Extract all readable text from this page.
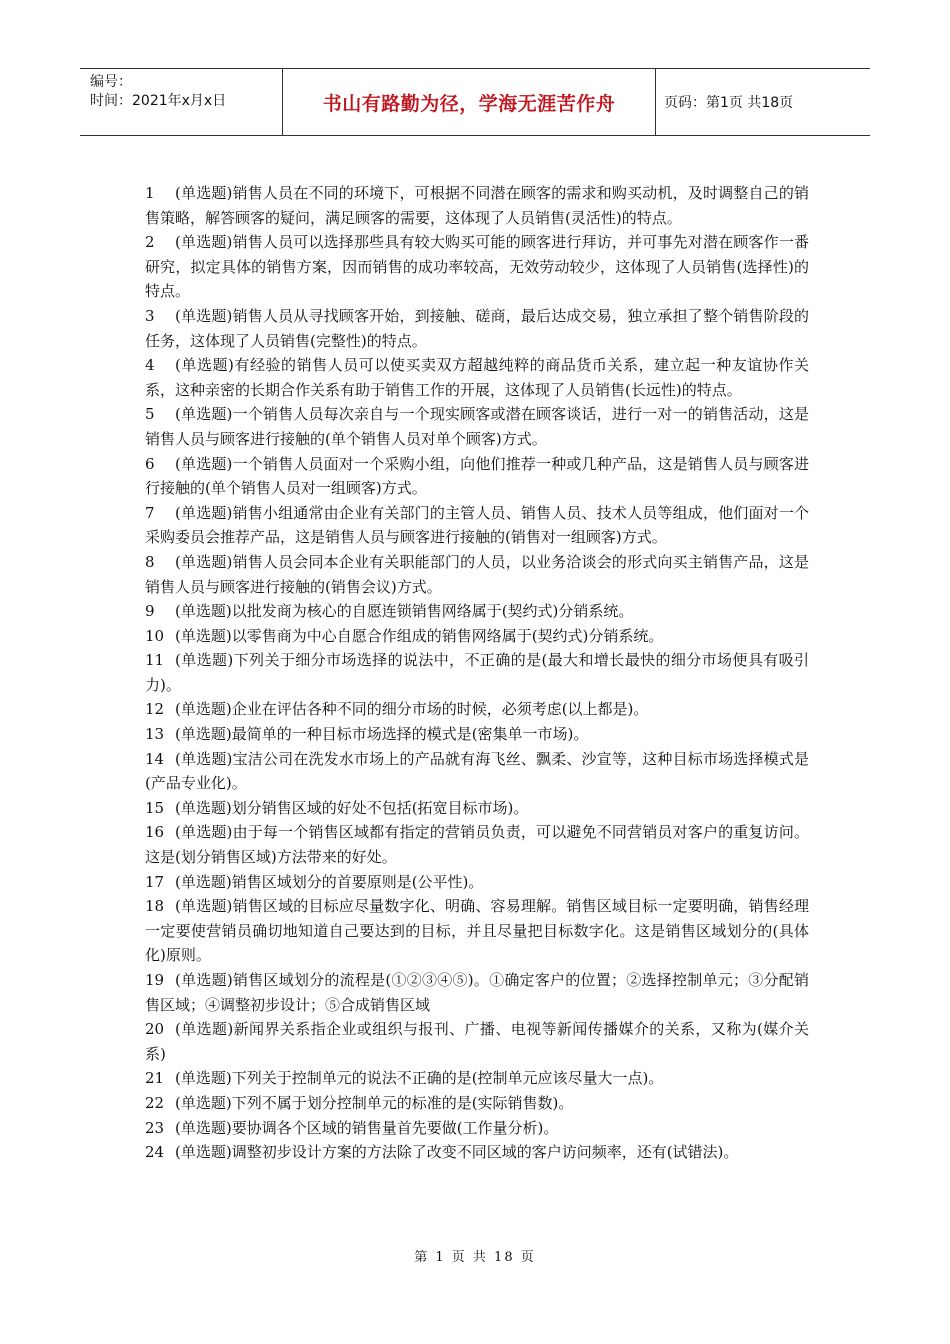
编号：
时间：2021年x月x日	书山有路勤为径，学海无涯苦作舟	页码：第1页 共18页

1 (单选题)销售人员在不同的环境下，可根据不同潜在顾客的需求和购买动机，及时调整自己的销售策略，解答顾客的疑问，满足顾客的需要，这体现了人员销售(灵活性)的特点。

2 (单选题)销售人员可以选择那些具有较大购买可能的顾客进行拜访，并可事先对潜在顾客作一番研究，拟定具体的销售方案，因而销售的成功率较高，无效劳动较少，这体现了人员销售(选择性)的特点。

3 (单选题)销售人员从寻找顾客开始，到接触、磋商，最后达成交易，独立承担了整个销售阶段的任务，这体现了人员销售(完整性)的特点。

4 (单选题)有经验的销售人员可以使买卖双方超越纯粹的商品货币关系，建立起一种友谊协作关系，这种亲密的长期合作关系有助于销售工作的开展，这体现了人员销售(长远性)的特点。

5 (单选题)一个销售人员每次亲自与一个现实顾客或潜在顾客谈话，进行一对一的销售活动，这是销售人员与顾客进行接触的(单个销售人员对单个顾客)方式。

6 (单选题)一个销售人员面对一个采购小组，向他们推荐一种或几种产品，这是销售人员与顾客进行接触的(单个销售人员对一组顾客)方式。

7 (单选题)销售小组通常由企业有关部门的主管人员、销售人员、技术人员等组成，他们面对一个采购委员会推荐产品，这是销售人员与顾客进行接触的(销售对一组顾客)方式。

8 (单选题)销售人员会同本企业有关职能部门的人员，以业务洽谈会的形式向买主销售产品，这是销售人员与顾客进行接触的(销售会议)方式。

9 (单选题)以批发商为核心的自愿连锁销售网络属于(契约式)分销系统。

10 (单选题)以零售商为中心自愿合作组成的销售网络属于(契约式)分销系统。

11 (单选题)下列关于细分市场选择的说法中，不正确的是(最大和增长最快的细分市场便具有吸引力)。

12 (单选题)企业在评估各种不同的细分市场的时候，必须考虑(以上都是)。

13 (单选题)最简单的一种目标市场选择的模式是(密集单一市场)。

14 (单选题)宝洁公司在洗发水市场上的产品就有海飞丝、飘柔、沙宣等，这种目标市场选择模式是(产品专业化)。

15 (单选题)划分销售区域的好处不包括(拓宽目标市场)。

16 (单选题)由于每一个销售区域都有指定的营销员负责，可以避免不同营销员对客户的重复访问。这是(划分销售区域)方法带来的好处。

17 (单选题)销售区域划分的首要原则是(公平性)。

18 (单选题)销售区域的目标应尽量数字化、明确、容易理解。销售区域目标一定要明确，销售经理一定要使营销员确切地知道自己要达到的目标，并且尽量把目标数字化。这是销售区域划分的(具体化)原则。

19 (单选题)销售区域划分的流程是(①②③④⑤)。①确定客户的位置；②选择控制单元；③分配销售区域；④调整初步设计；⑤合成销售区域

20 (单选题)新闻界关系指企业或组织与报刊、广播、电视等新闻传播媒介的关系，又称为(媒介关系)

21 (单选题)下列关于控制单元的说法不正确的是(控制单元应该尽量大一点)。

22 (单选题)下列不属于划分控制单元的标准的是(实际销售数)。

23 (单选题)要协调各个区域的销售量首先要做(工作量分析)。

24 (单选题)调整初步设计方案的方法除了改变不同区域的客户访问频率，还有(试错法)。

第 1 页 共 18 页
